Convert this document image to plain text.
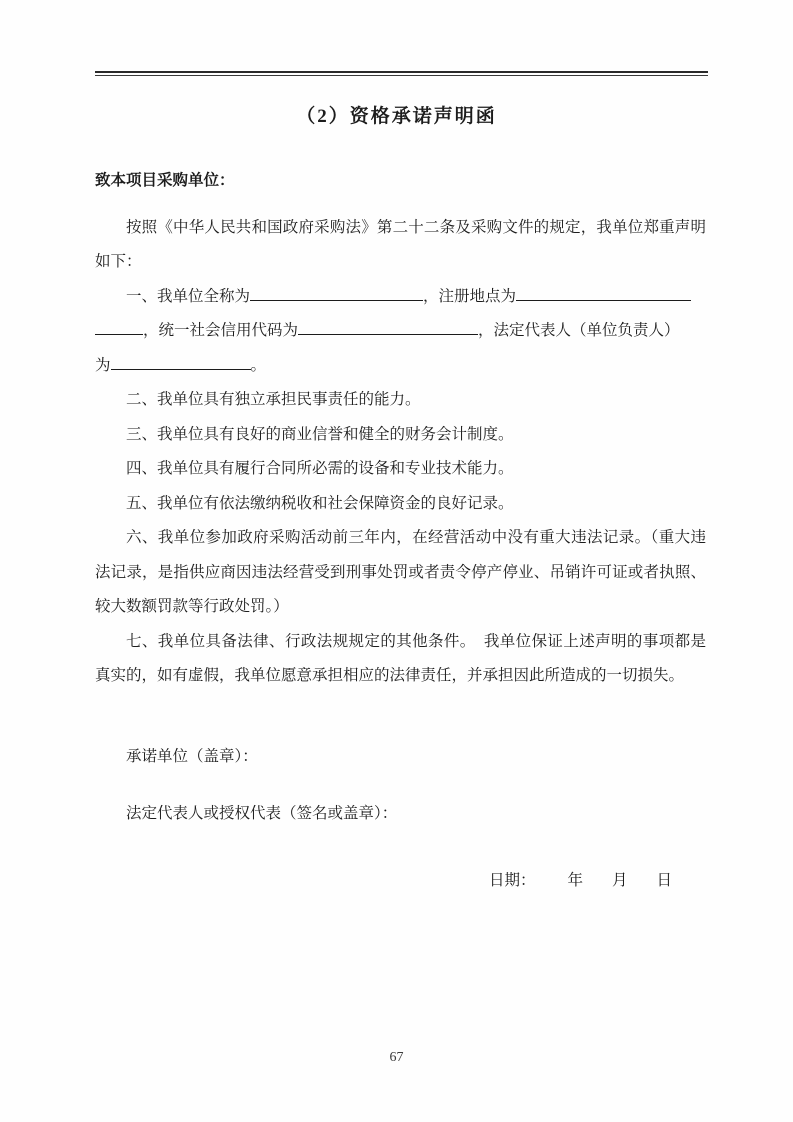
（2）资格承诺声明函

致本项目采购单位：

按照《中华人民共和国政府采购法》第二十二条及采购文件的规定，我单位郑重声明如下：

一、我单位全称为	，注册地点为
，统一社会信用代码为	，法定代表人（单位负责人）
为	。

二、我单位具有独立承担民事责任的能力。

三、我单位具有良好的商业信誉和健全的财务会计制度。

四、我单位具有履行合同所必需的设备和专业技术能力。

五、我单位有依法缴纳税收和社会保障资金的良好记录。

六、我单位参加政府采购活动前三年内，在经营活动中没有重大违法记录。（重大违法记录，是指供应商因违法经营受到刑事处罚或者责令停产停业、吊销许可证或者执照、较大数额罚款等行政处罚。）

七、我单位具备法律、行政法规规定的其他条件。　我单位保证上述声明的事项都是真实的，如有虚假，我单位愿意承担相应的法律责任，并承担因此所造成的一切损失。

承诺单位（盖章）：

法定代表人或授权代表（签名或盖章）：

日期： 年 月 日
67
